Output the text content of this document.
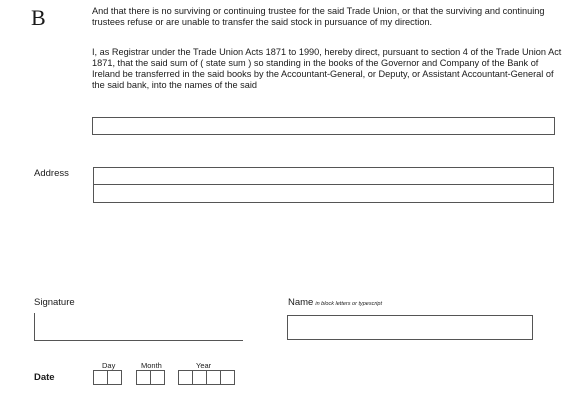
B	And that there is no surviving or continuing trustee for the said Trade Union, or that the surviving and continuing trustees refuse or are unable to transfer the said stock in pursuance of my direction.

I, as Registrar under the Trade Union Acts 1871 to 1990, hereby direct, pursuant to section 4 of the Trade Union Act 1871, that the said sum of ( state sum ) so standing in the books of the Governor and Company of the Bank of Ireland be transferred in the said books by the Accountant-General, or Deputy, or Assistant Accountant-General of the said bank, into the names of the said

Address
Signature	Name in block letters or typescript
Date
Day	Month	Year
